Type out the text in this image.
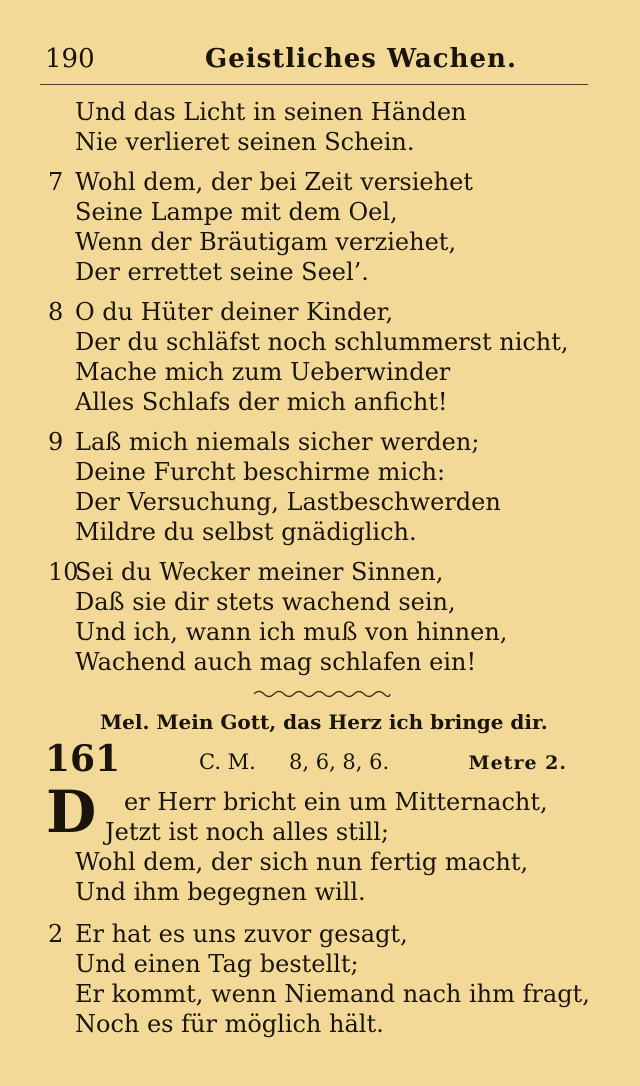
190	Geistliches Wachen.
Und das Licht in seinen Händen
Nie verlieret seinen Schein.
7 Wohl dem, der bei Zeit versiehet
Seine Lampe mit dem Oel,
Wenn der Bräutigam verziehet,
Der errettet seine Seel’.
8 O du Hüter deiner Kinder,
Der du schläfst noch schlummerst nicht,
Mache mich zum Ueberwinder
Alles Schlafs der mich anficht!
9 Laß mich niemals sicher werden;
Deine Furcht beschirme mich:
Der Versuchung, Lastbeschwerden
Mildre du selbst gnädiglich.
10
Sei du Wecker meiner Sinnen,
Daß sie dir stets wachend sein,
Und ich, wann ich muß von hinnen,
Wachend auch mag schlafen ein!
Mel. Mein Gott, das Herz ich bringe dir.
161	C. M. 8, 6, 8, 6.	Metre 2.
D er Herr bricht ein um Mitternacht,
Jetzt ist noch alles still;
Wohl dem, der sich nun fertig macht,
Und ihm begegnen will.
2 Er hat es uns zuvor gesagt,
Und einen Tag bestellt;
Er kommt, wenn Niemand nach ihm fragt,
Noch es für möglich hält.
